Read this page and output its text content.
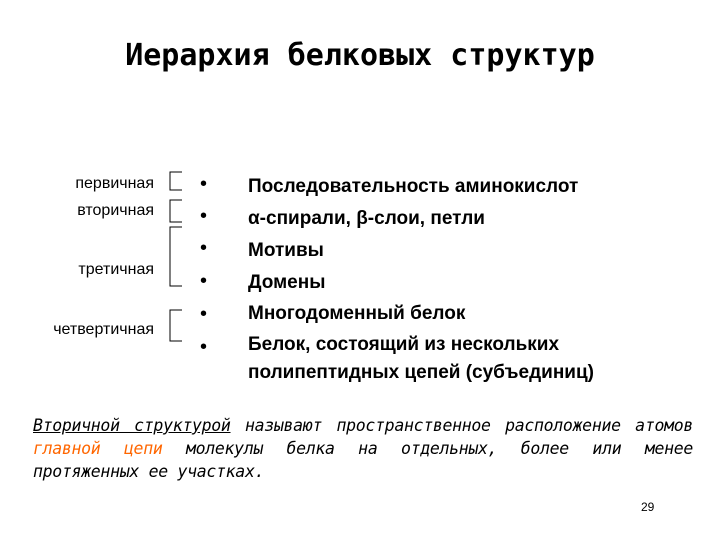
Иерархия белковых структур
первичная
вторичная
третичная
четвертичная
•
•
•
•
•
•
Последовательность аминокислот
α-спирали, β-слои, петли
Мотивы
Домены
Многодоменный белок
Белок, состоящий из нескольких
полипептидных цепей (субъединиц)
Вторичной структурой называют пространственное расположение атомов главной цепи молекулы белка на отдельных, более или менее протяженных ее участках.
29
